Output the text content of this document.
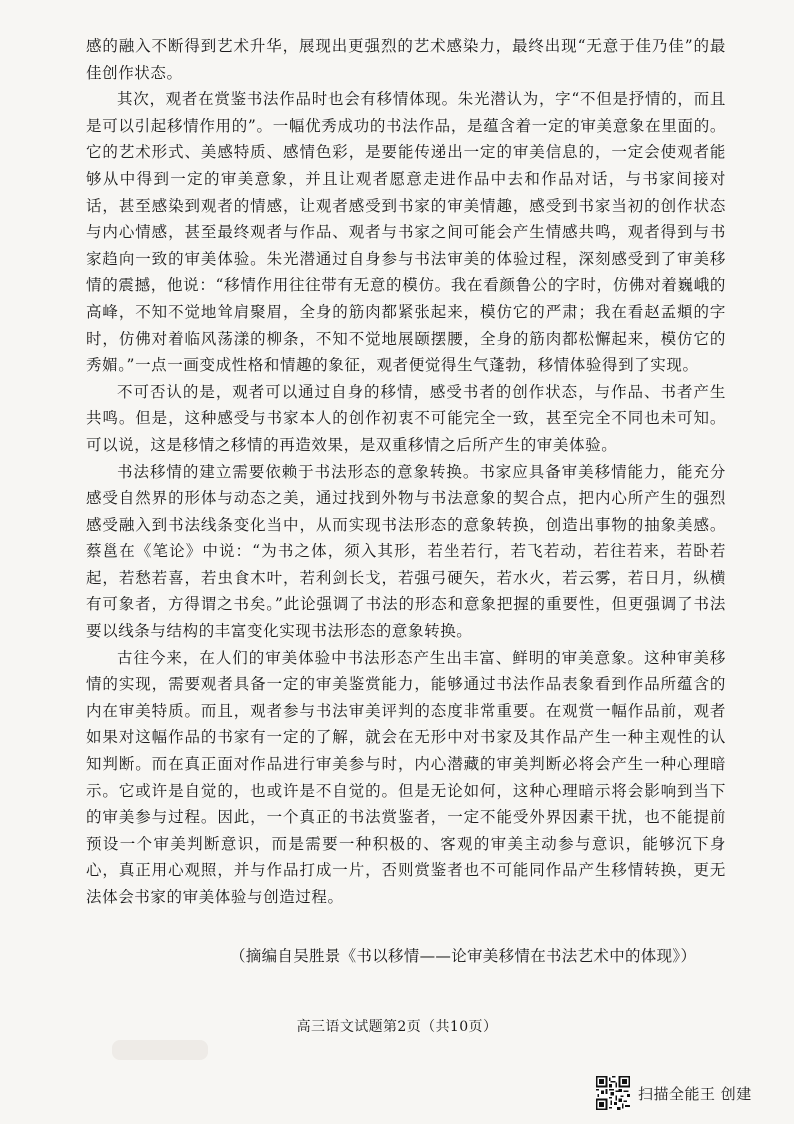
感的融入不断得到艺术升华，展现出更强烈的艺术感染力，最终出现“无意于佳乃佳”的最佳创作状态。

其次，观者在赏鉴书法作品时也会有移情体现。朱光潜认为，字“不但是抒情的，而且是可以引起移情作用的”。一幅优秀成功的书法作品，是蕴含着一定的审美意象在里面的。它的艺术形式、美感特质、感情色彩，是要能传递出一定的审美信息的，一定会使观者能够从中得到一定的审美意象，并且让观者愿意走进作品中去和作品对话，与书家间接对话，甚至感染到观者的情感，让观者感受到书家的审美情趣，感受到书家当初的创作状态与内心情感，甚至最终观者与作品、观者与书家之间可能会产生情感共鸣，观者得到与书家趋向一致的审美体验。朱光潜通过自身参与书法审美的体验过程，深刻感受到了审美移情的震撼，他说：“移情作用往往带有无意的模仿。我在看颜鲁公的字时，仿佛对着巍峨的高峰，不知不觉地耸肩聚眉，全身的筋肉都紧张起来，模仿它的严肃；我在看赵孟頫的字时，仿佛对着临风荡漾的柳条，不知不觉地展颐摆腰，全身的筋肉都松懈起来，模仿它的秀媚。”一点一画变成性格和情趣的象征，观者便觉得生气蓬勃，移情体验得到了实现。

不可否认的是，观者可以通过自身的移情，感受书者的创作状态，与作品、书者产生共鸣。但是，这种感受与书家本人的创作初衷不可能完全一致，甚至完全不同也未可知。可以说，这是移情之移情的再造效果，是双重移情之后所产生的审美体验。

书法移情的建立需要依赖于书法形态的意象转换。书家应具备审美移情能力，能充分感受自然界的形体与动态之美，通过找到外物与书法意象的契合点，把内心所产生的强烈感受融入到书法线条变化当中，从而实现书法形态的意象转换，创造出事物的抽象美感。蔡邕在《笔论》中说：“为书之体，须入其形，若坐若行，若飞若动，若往若来，若卧若起，若愁若喜，若虫食木叶，若利剑长戈，若强弓硬矢，若水火，若云雾，若日月，纵横有可象者，方得谓之书矣。”此论强调了书法的形态和意象把握的重要性，但更强调了书法要以线条与结构的丰富变化实现书法形态的意象转换。

古往今来，在人们的审美体验中书法形态产生出丰富、鲜明的审美意象。这种审美移情的实现，需要观者具备一定的审美鉴赏能力，能够通过书法作品表象看到作品所蕴含的内在审美特质。而且，观者参与书法审美评判的态度非常重要。在观赏一幅作品前，观者如果对这幅作品的书家有一定的了解，就会在无形中对书家及其作品产生一种主观性的认知判断。而在真正面对作品进行审美参与时，内心潜藏的审美判断必将会产生一种心理暗示。它或许是自觉的，也或许是不自觉的。但是无论如何，这种心理暗示将会影响到当下的审美参与过程。因此，一个真正的书法赏鉴者，一定不能受外界因素干扰，也不能提前预设一个审美判断意识，而是需要一种积极的、客观的审美主动参与意识，能够沉下身心，真正用心观照，并与作品打成一片，否则赏鉴者也不可能同作品产生移情转换，更无法体会书家的审美体验与创造过程。

（摘编自吴胜景《书以移情——论审美移情在书法艺术中的体现》）
高三语文试题第2页（共10页）
扫描全能王 创建
